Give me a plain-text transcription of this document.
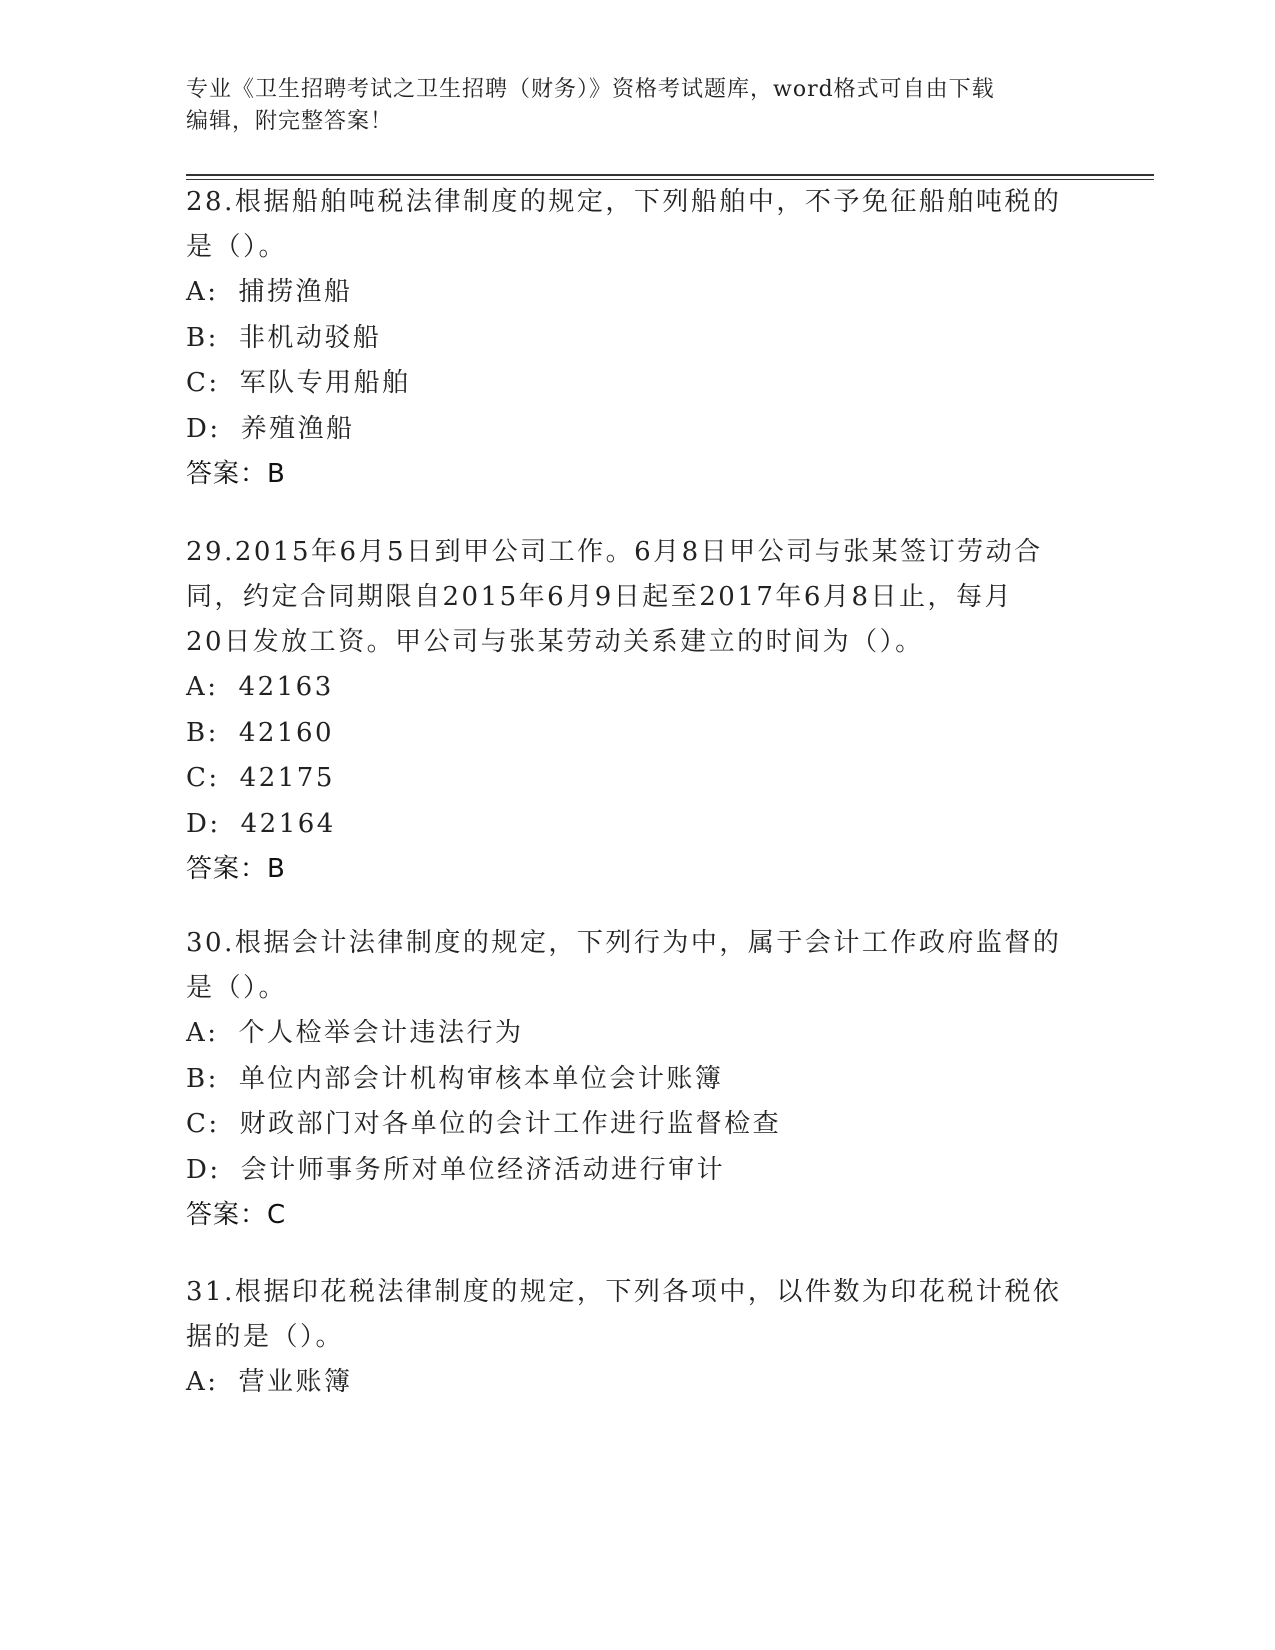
专业《卫生招聘考试之卫生招聘（财务）》资格考试题库，word格式可自由下载
编辑，附完整答案！
28.根据船舶吨税法律制度的规定，下列船舶中，不予免征船舶吨税的
是（）。
A: 捕捞渔船
B: 非机动驳船
C: 军队专用船舶
D: 养殖渔船
答案：B
29.2015年6月5日到甲公司工作。6月8日甲公司与张某签订劳动合
同，约定合同期限自2015年6月9日起至2017年6月8日止，每月
20日发放工资。甲公司与张某劳动关系建立的时间为（）。
A: 42163
B: 42160
C: 42175
D: 42164
答案：B
30.根据会计法律制度的规定，下列行为中，属于会计工作政府监督的
是（）。
A: 个人检举会计违法行为
B: 单位内部会计机构审核本单位会计账簿
C: 财政部门对各单位的会计工作进行监督检查
D: 会计师事务所对单位经济活动进行审计
答案：C
31.根据印花税法律制度的规定，下列各项中，以件数为印花税计税依
据的是（）。
A: 营业账簿
